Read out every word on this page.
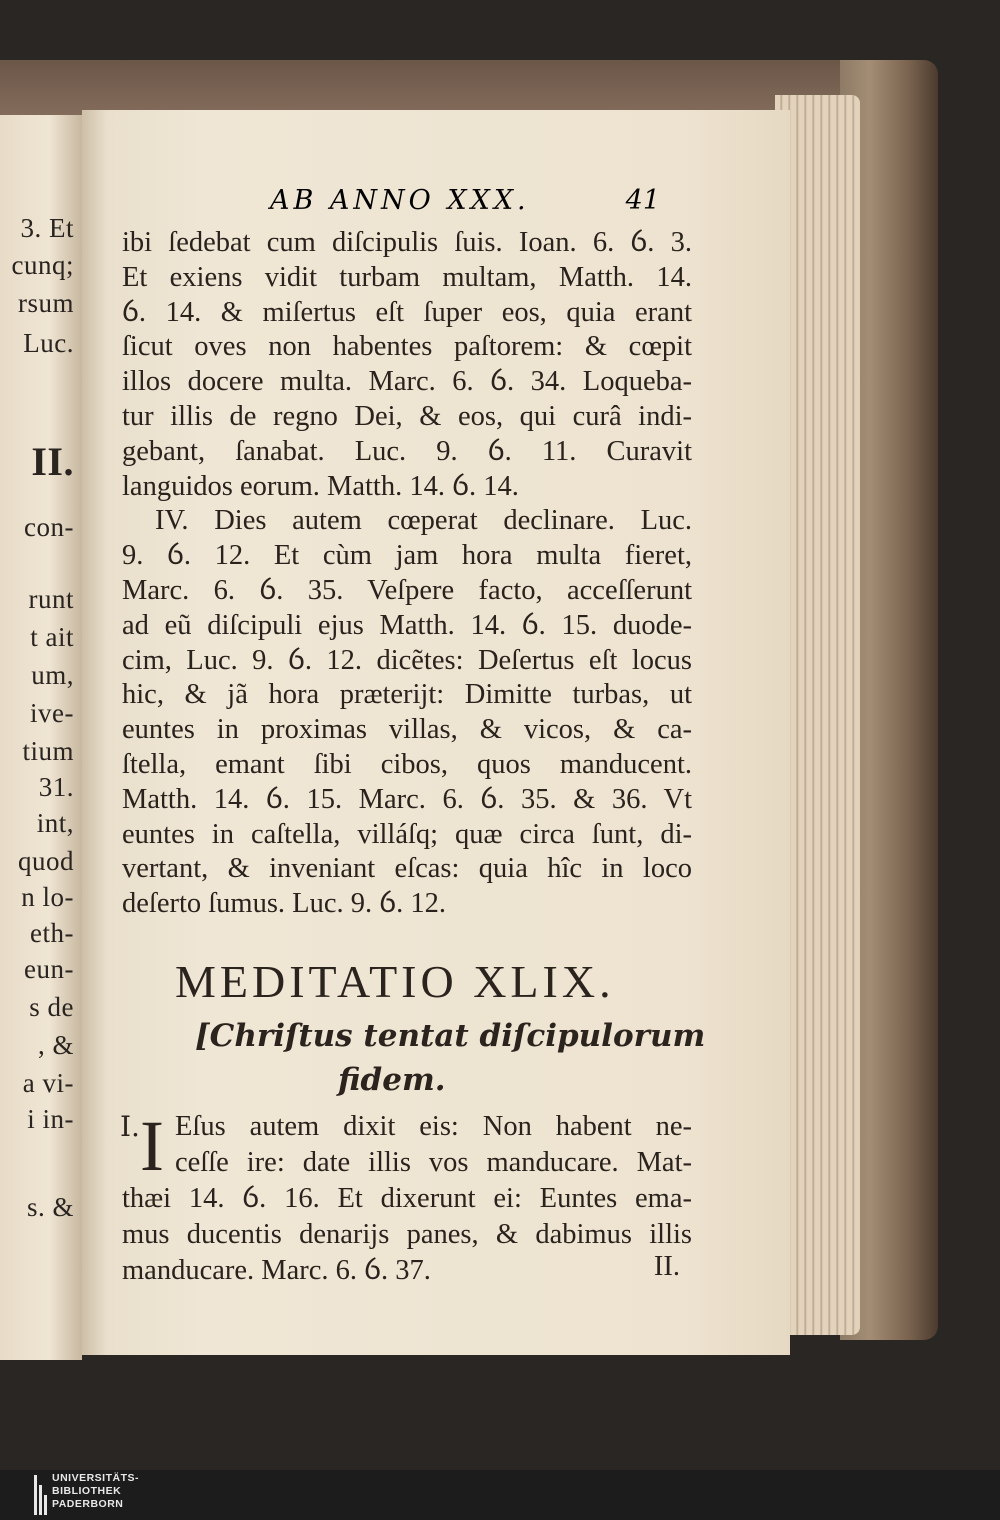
3. Et
cunq;
rsum
Luc.
II.
con-
runt
t ait
um,
ive-
tium
31.
int,
quod
n lo-
eth-
eun-
s de
, &
a vi-
i in-
s. &
AB ANNO XXX.	41
ibi ſedebat cum diſcipulis ſuis. Ioan. 6. ỽ. 3.
Et exiens vidit turbam multam, Matth. 14.
ỽ. 14. & miſertus eſt ſuper eos, quia erant
ſicut oves non habentes paſtorem: & cœpit
illos docere multa. Marc. 6. ỽ. 34. Loqueba-
tur illis de regno Dei, & eos, qui curâ indi-
gebant, ſanabat. Luc. 9. ỽ. 11. Curavit
languidos eorum. Matth. 14. ỽ. 14.
IV. Dies autem cœperat declinare. Luc.
9. ỽ. 12. Et cùm jam hora multa fieret,
Marc. 6. ỽ. 35. Veſpere facto, acceſſerunt
ad eũ diſcipuli ejus Matth. 14. ỽ. 15. duode-
cim, Luc. 9. ỽ. 12. dicẽtes: Deſertus eſt locus
hic, & jã hora præterijt: Dimitte turbas, ut
euntes in proximas villas, & vicos, & ca-
ſtella, emant ſibi cibos, quos manducent.
Matth. 14. ỽ. 15. Marc. 6. ỽ. 35. & 36. Vt
euntes in caſtella, villáſq; quæ circa ſunt, di-
vertant, & inveniant eſcas: quia hîc in loco
deſerto ſumus. Luc. 9. ỽ. 12.
MEDITATIO XLIX.
[Chriſtus tentat diſcipulorum
fidem.
I. I Eſus autem dixit eis: Non habent ne-
ceſſe ire: date illis vos manducare. Mat-
thæi 14. ỽ. 16. Et dixerunt ei: Euntes ema-
mus ducentis denarijs panes, & dabimus illis
manducare. Marc. 6. ỽ. 37.	II.
UNIVERSITÄTS-
BIBLIOTHEK
PADERBORN
